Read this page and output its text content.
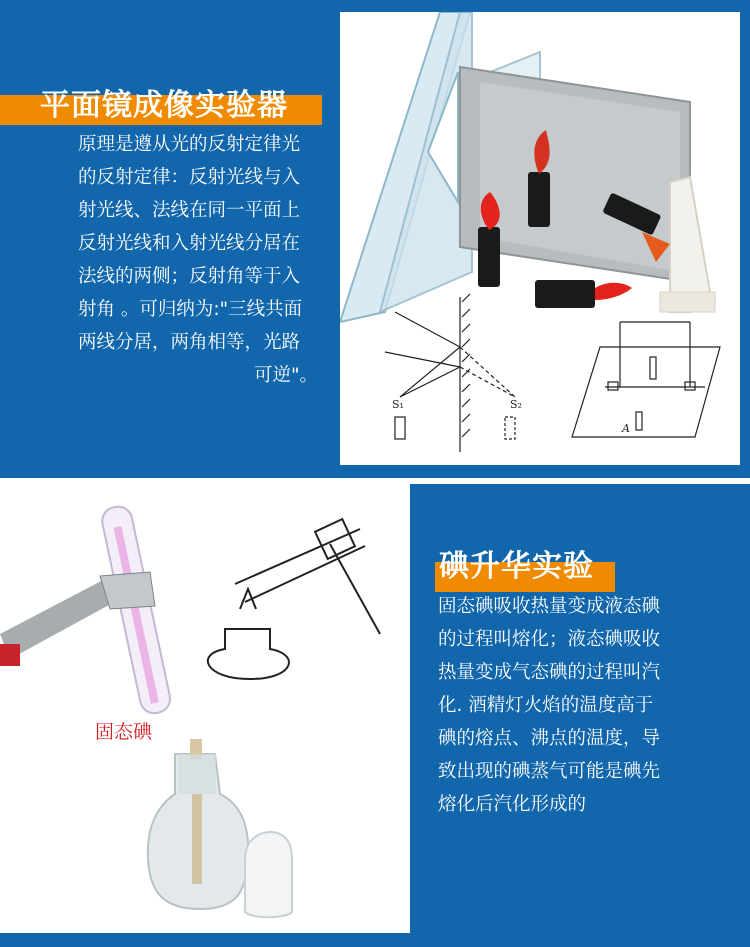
平面镜成像实验器
原理是遵从光的反射定律光
的反射定律：反射光线与入
射光线、法线在同一平面上
反射光线和入射光线分居在
法线的两侧；反射角等于入
射角 。可归纳为:"三线共面
两线分居，两角相等，光路
可逆"。
S₁	S₂
A
固态碘
碘升华实验
固态碘吸收热量变成液态碘
的过程叫熔化；液态碘吸收
热量变成气态碘的过程叫汽
化. 酒精灯火焰的温度高于
碘的熔点、沸点的温度，导
致出现的碘蒸气可能是碘先
熔化后汽化形成的
